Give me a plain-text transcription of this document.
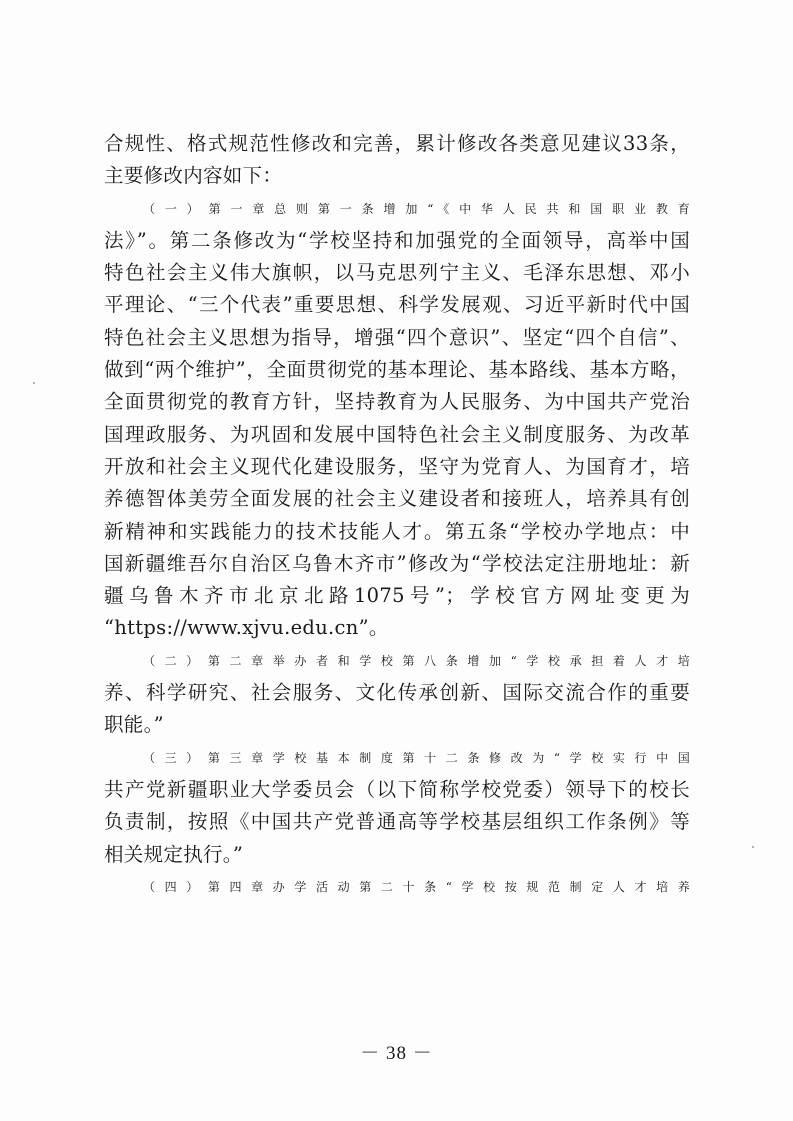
合规性、格式规范性修改和完善，累计修改各类意见建议33条，
主要修改内容如下：
（一）第一章总则第一条增加“《中华人民共和国职业教育
法》”。第二条修改为“学校坚持和加强党的全面领导，高举中国
特色社会主义伟大旗帜，以马克思列宁主义、毛泽东思想、邓小
平理论、“三个代表”重要思想、科学发展观、习近平新时代中国
特色社会主义思想为指导，增强“四个意识”、坚定“四个自信”、
做到“两个维护”，全面贯彻党的基本理论、基本路线、基本方略，
全面贯彻党的教育方针，坚持教育为人民服务、为中国共产党治
国理政服务、为巩固和发展中国特色社会主义制度服务、为改革
开放和社会主义现代化建设服务，坚守为党育人、为国育才，培
养德智体美劳全面发展的社会主义建设者和接班人，培养具有创
新精神和实践能力的技术技能人才。第五条“学校办学地点：中
国新疆维吾尔自治区乌鲁木齐市”修改为“学校法定注册地址：新
疆乌鲁木齐市北京北路1075号”；学校官方网址变更为
“https://www.xjvu.edu.cn”。
（二）第二章举办者和学校第八条增加“学校承担着人才培
养、科学研究、社会服务、文化传承创新、国际交流合作的重要
职能。”
（三）第三章学校基本制度第十二条修改为“学校实行中国
共产党新疆职业大学委员会（以下简称学校党委）领导下的校长
负责制，按照《中国共产党普通高等学校基层组织工作条例》等
相关规定执行。”
（四）第四章办学活动第二十条“学校按规范制定人才培养
－ 38 －
